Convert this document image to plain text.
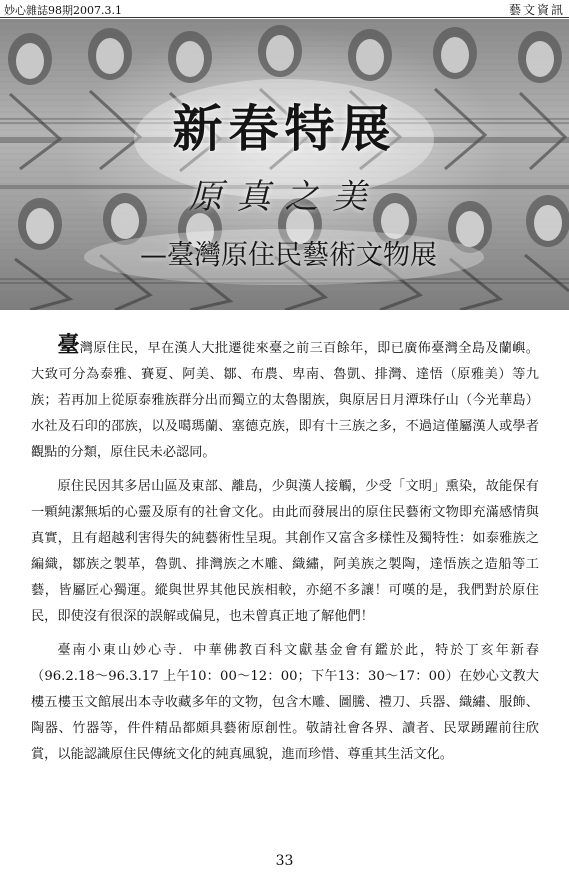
妙心雜誌98期2007.3.1	藝文資訊
新春特展
原真之美
—臺灣原住民藝術文物展

臺灣原住民，早在漢人大批遷徙來臺之前三百餘年，即已廣佈臺灣全島及蘭嶼。大致可分為泰雅、賽夏、阿美、鄒、布農、卑南、魯凱、排灣、達悟（原雅美）等九族；若再加上從原泰雅族群分出而獨立的太魯閣族，與原居日月潭珠仔山（今光華島）水社及石印的邵族，以及噶瑪蘭、塞德克族，即有十三族之多，不過這僅屬漢人或學者觀點的分類，原住民未必認同。

原住民因其多居山區及東部、離島，少與漢人接觸，少受「文明」熏染，故能保有一顆純潔無垢的心靈及原有的社會文化。由此而發展出的原住民藝術文物即充滿感情與真實，且有超越利害得失的純藝術性呈現。其創作又富含多樣性及獨特性：如泰雅族之編織，鄒族之製革，魯凱、排灣族之木雕、織繡，阿美族之製陶，達悟族之造船等工藝，皆屬匠心獨運。縱與世界其他民族相較，亦絕不多讓！可嘆的是，我們對於原住民，即使沒有很深的誤解或偏見，也未曾真正地了解他們！

臺南小東山妙心寺．中華佛教百科文獻基金會有鑑於此，特於丁亥年新春（96.2.18～96.3.17 上午10：00～12：00；下午13：30～17：00）在妙心文教大樓五樓玉文館展出本寺收藏多年的文物，包含木雕、圖騰、禮刀、兵器、織繡、服飾、陶器、竹器等，件件精品都頗具藝術原創性。敬請社會各界、讀者、民眾踴躍前往欣賞，以能認識原住民傳統文化的純真風貌，進而珍惜、尊重其生活文化。

33
